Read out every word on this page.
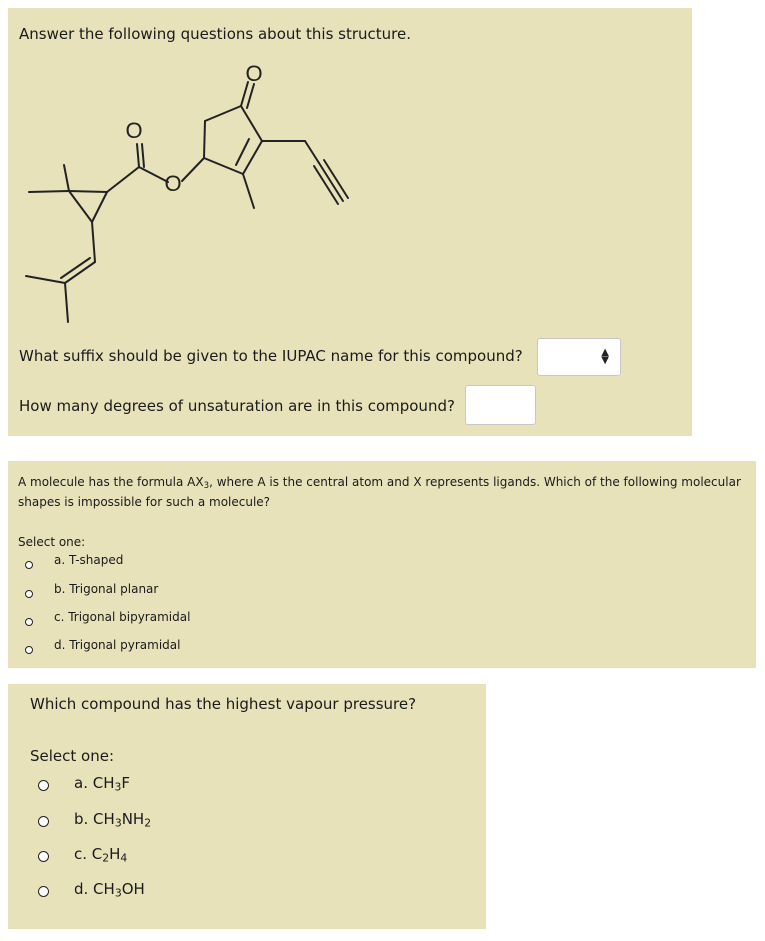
Answer the following questions about this structure.
O
O
O
What suffix should be given to the IUPAC name for this compound?	▲
▼
How many degrees of unsaturation are in this compound?
A molecule has the formula $AX_3$, where A is the central atom and X represents ligands. Which of the following molecular shapes is impossible for such a molecule?
Select one:
a. T-shaped
b. Trigonal planar
c. Trigonal bipyramidal
d. Trigonal pyramidal
Which compound has the highest vapour pressure?
Select one:
a. $CH_3F$
b. $CH_3NH_2$
c. $C_2H_4$
d. $CH_3OH$
